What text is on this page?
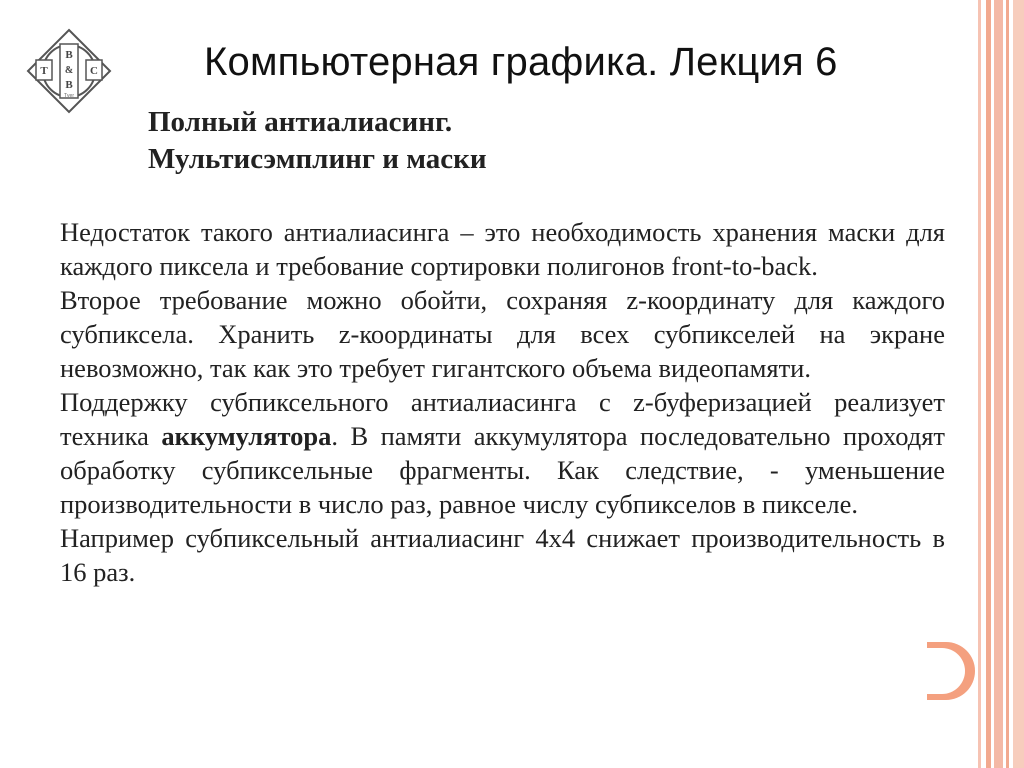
B
&
B
T	C
Tver
Компьютерная графика. Лекция 6
Полный антиалиасинг.
Мультисэмплинг и маски

Недостаток такого антиалиасинга – это необходимость хранения маски для каждого пиксела и требование сортировки полигонов front-to-back.

Второе требование можно обойти, сохраняя z-координату для каждого субпиксела. Хранить z-координаты для всех субпикселей на экране невозможно, так как это требует гигантского объема видеопамяти.

Поддержку субпиксельного антиалиасинга с z-буферизацией реализует техника аккумулятора. В памяти аккумулятора последовательно проходят обработку субпиксельные фрагменты. Как следствие, - уменьшение производительности в число раз, равное числу субпикселов в пикселе.

Например субпиксельный антиалиасинг 4х4 снижает производительность в 16 раз.
